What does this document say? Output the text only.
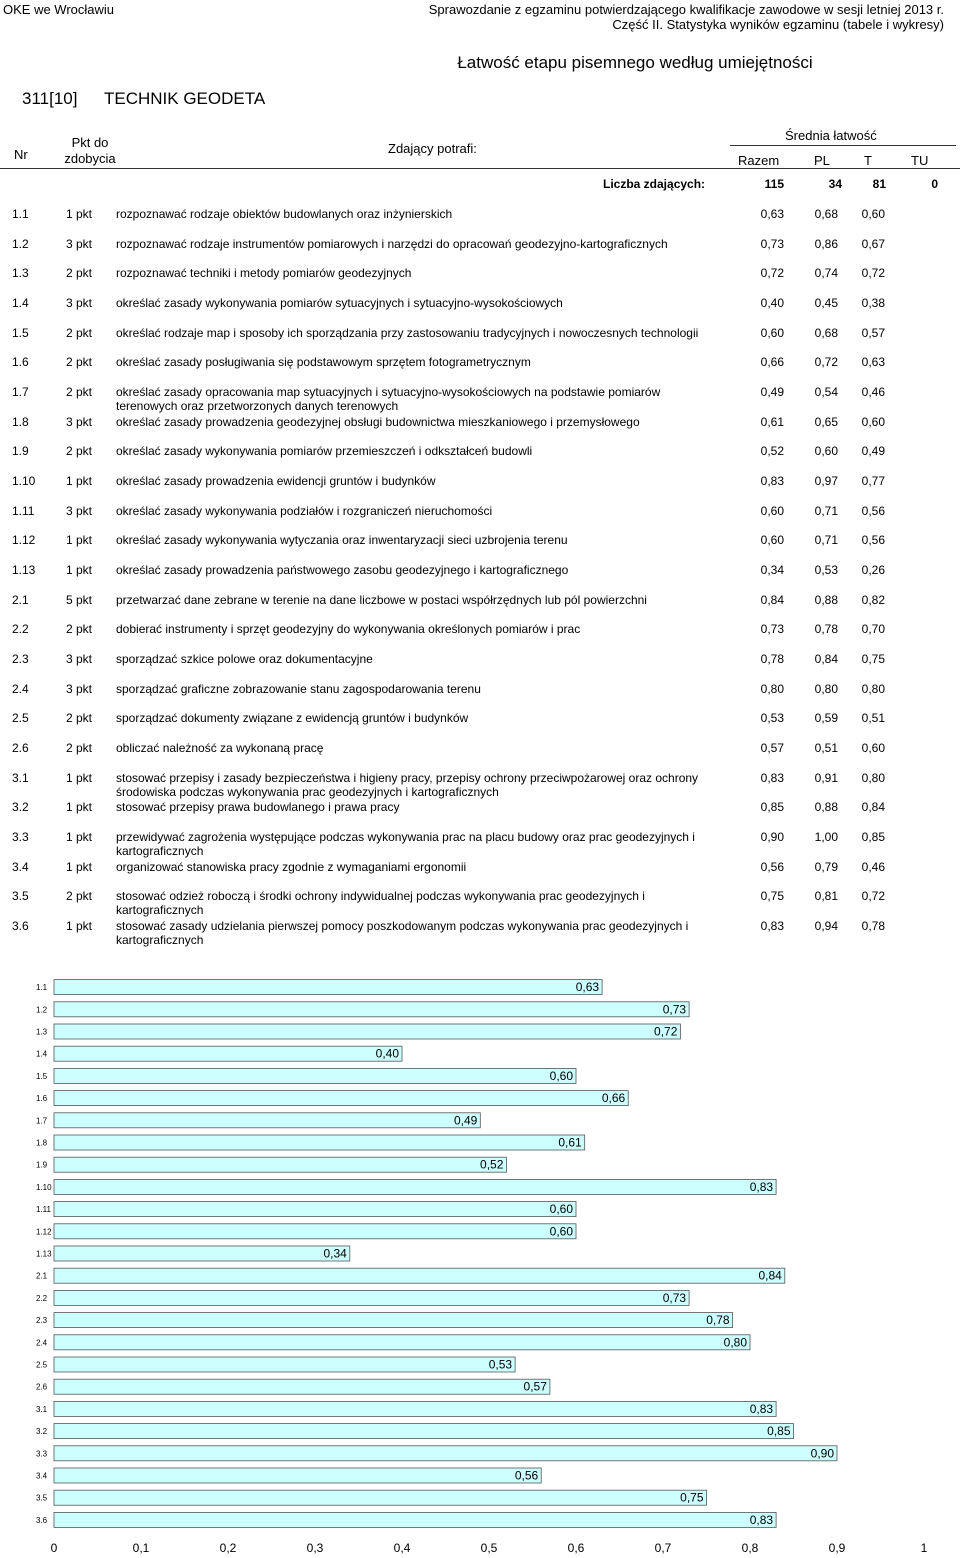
OKE we Wrocławiu	Sprawozdanie z egzaminu potwierdzającego kwalifikacje zawodowe w sesji letniej 2013 r.
Część II. Statystyka wyników egzaminu (tabele i wykresy)
Łatwość etapu pisemnego według umiejętności
311[10] TECHNIK GEODETA
Nr
Pkt do
zdobycia
Zdający potrafi:
Średnia łatwość
Razem	PL	T	TU
Liczba zdających:	115	34	81	0
1.1	1 pkt	rozpoznawać rodzaje obiektów budowlanych oraz inżynierskich	0,63	0,68	0,60
1.2	3 pkt	rozpoznawać rodzaje instrumentów pomiarowych i narzędzi do opracowań geodezyjno-kartograficznych	0,73	0,86	0,67
1.3	2 pkt	rozpoznawać techniki i metody pomiarów geodezyjnych	0,72	0,74	0,72
1.4	3 pkt	określać zasady wykonywania pomiarów sytuacyjnych i sytuacyjno-wysokościowych	0,40	0,45	0,38
1.5	2 pkt	określać rodzaje map i sposoby ich sporządzania przy zastosowaniu tradycyjnych i nowoczesnych technologii	0,60	0,68	0,57
1.6	2 pkt	określać zasady posługiwania się podstawowym sprzętem fotogrametrycznym	0,66	0,72	0,63
1.7	2 pkt	określać zasady opracowania map sytuacyjnych i sytuacyjno-wysokościowych na podstawie pomiarów terenowych oraz przetworzonych danych terenowych
0,49	0,54	0,46
1.8	3 pkt	określać zasady prowadzenia geodezyjnej obsługi budownictwa mieszkaniowego i przemysłowego	0,61	0,65	0,60
1.9	2 pkt	określać zasady wykonywania pomiarów przemieszczeń i odkształceń budowli	0,52	0,60	0,49
1.10	1 pkt	określać zasady prowadzenia ewidencji gruntów i budynków	0,83	0,97	0,77
1.11	3 pkt	określać zasady wykonywania podziałów i rozgraniczeń nieruchomości	0,60	0,71	0,56
1.12	1 pkt	określać zasady wykonywania wytyczania oraz inwentaryzacji sieci uzbrojenia terenu	0,60	0,71	0,56
1.13	1 pkt	określać zasady prowadzenia państwowego zasobu geodezyjnego i kartograficznego	0,34	0,53	0,26
2.1	5 pkt	przetwarzać dane zebrane w terenie na dane liczbowe w postaci współrzędnych lub pól powierzchni	0,84	0,88	0,82
2.2	2 pkt	dobierać instrumenty i sprzęt geodezyjny do wykonywania określonych pomiarów i prac	0,73	0,78	0,70
2.3	3 pkt	sporządzać szkice polowe oraz dokumentacyjne	0,78	0,84	0,75
2.4	3 pkt	sporządzać graficzne zobrazowanie stanu zagospodarowania terenu	0,80	0,80	0,80
2.5	2 pkt	sporządzać dokumenty związane z ewidencją gruntów i budynków	0,53	0,59	0,51
2.6	2 pkt	obliczać należność za wykonaną pracę	0,57	0,51	0,60
3.1	1 pkt	stosować przepisy i zasady bezpieczeństwa i higieny pracy, przepisy ochrony przeciwpożarowej oraz ochrony środowiska podczas wykonywania prac geodezyjnych i kartograficznych
0,83	0,91	0,80
3.2	1 pkt	stosować przepisy prawa budowlanego i prawa pracy	0,85	0,88	0,84
3.3	1 pkt	przewidywać zagrożenia występujące podczas wykonywania prac na placu budowy oraz prac geodezyjnych i kartograficznych
0,90	1,00	0,85
3.4	1 pkt	organizować stanowiska pracy zgodnie z wymaganiami ergonomii	0,56	0,79	0,46
3.5	2 pkt	stosować odzież roboczą i środki ochrony indywidualnej podczas wykonywania prac geodezyjnych i kartograficznych
0,75	0,81	0,72
3.6	1 pkt	stosować zasady udzielania pierwszej pomocy poszkodowanym podczas wykonywania prac geodezyjnych i kartograficznych
0,83	0,94	0,78
1.1	0,63
1.2	0,73
1.3	0,72
1.4	0,40
1.5	0,60
1.6	0,66
1.7	0,49
1.8	0,61
1.9	0,52
1.10	0,83
1.11	0,60
1.12	0,60
1.13	0,34
2.1	0,84
2.2	0,73
2.3	0,78
2.4	0,80
2.5	0,53
2.6	0,57
3.1	0,83
3.2	0,85
3.3	0,90
3.4	0,56
3.5	0,75
3.6	0,83
0	0,1	0,2	0,3	0,4	0,5	0,6	0,7	0,8	0,9	1
